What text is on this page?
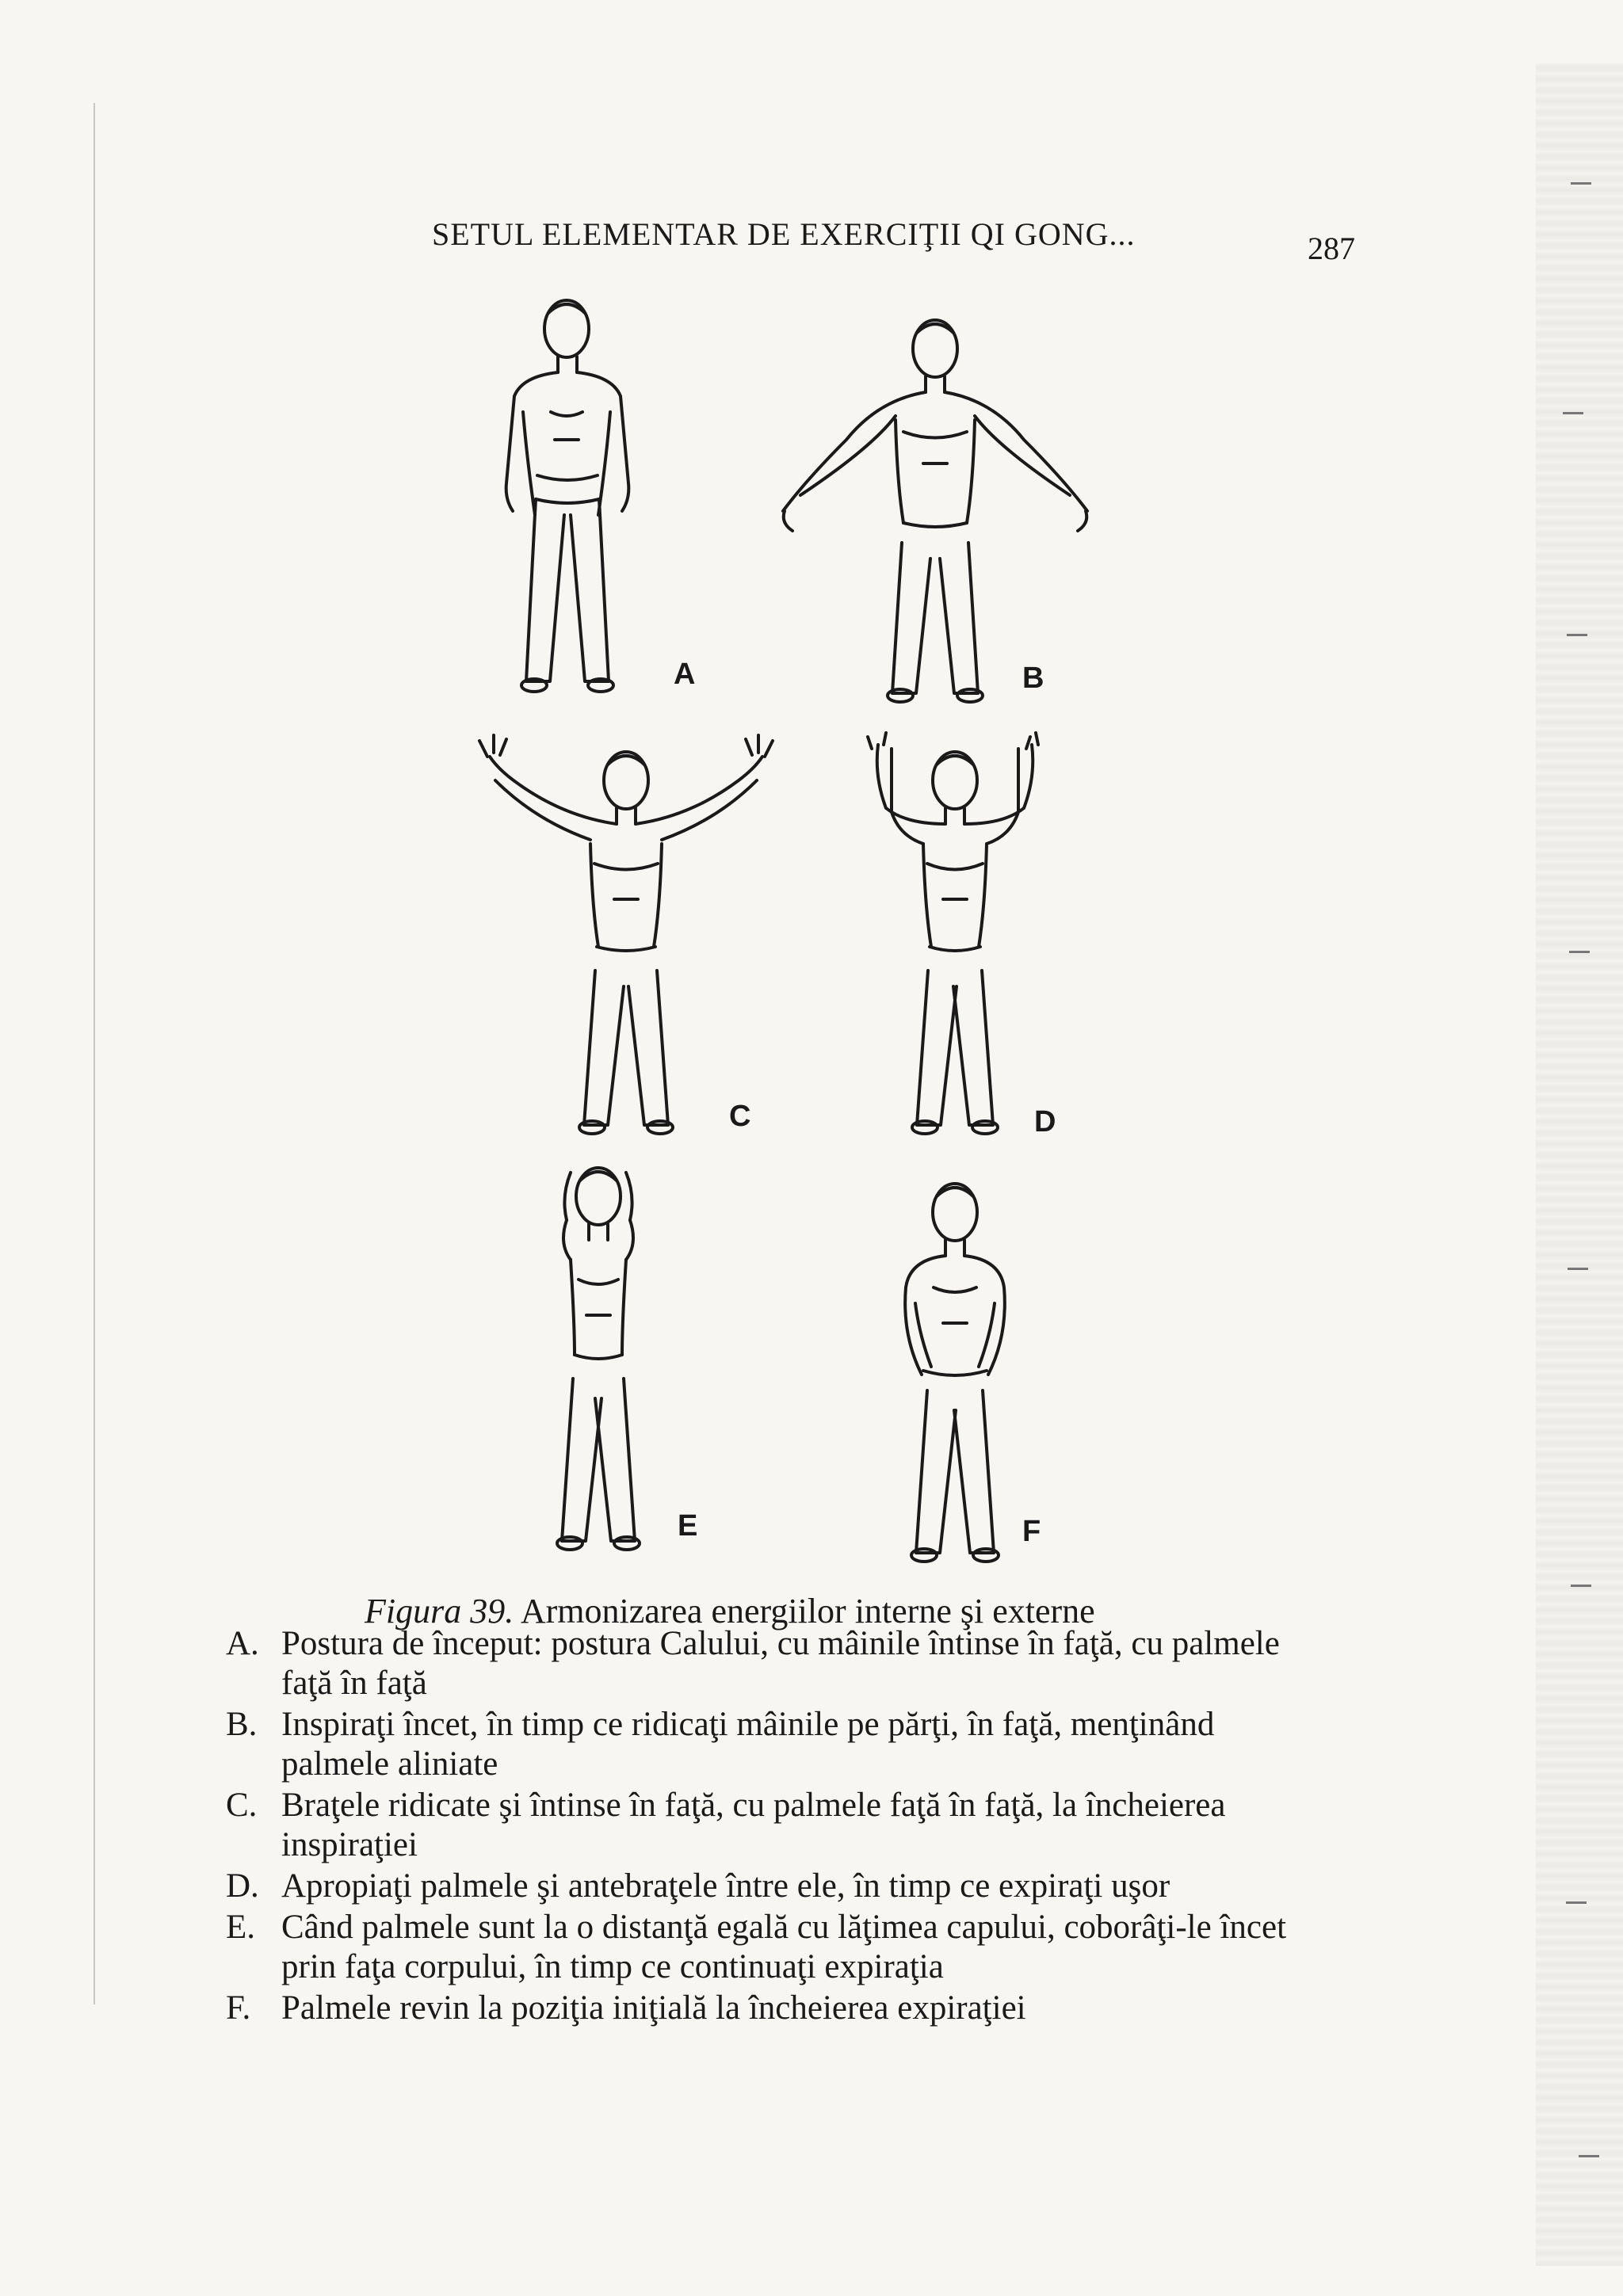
SETUL ELEMENTAR DE EXERCIŢII QI GONG...	287
A	B
C	D
E	F
Figura 39. Armonizarea energiilor interne şi externe
A. Postura de început: postura Calului, cu mâinile întinse în faţă, cu palmele faţă în faţă
B. Inspiraţi încet, în timp ce ridicaţi mâinile pe părţi, în faţă, menţinând palmele aliniate
C. Braţele ridicate şi întinse în faţă, cu palmele faţă în faţă, la încheierea inspiraţiei
D. Apropiaţi palmele şi antebraţele între ele, în timp ce expiraţi uşor
E. Când palmele sunt la o distanţă egală cu lăţimea capului, coborâţi-le încet prin faţa corpului, în timp ce continuaţi expiraţia
F. Palmele revin la poziţia iniţială la încheierea expiraţiei
